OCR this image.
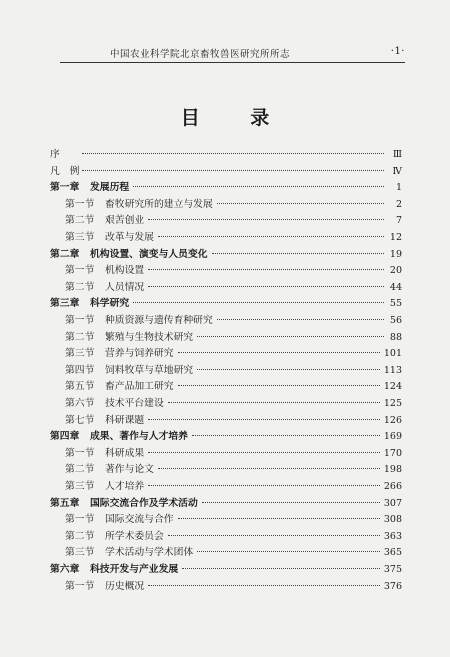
中国农业科学院北京畜牧兽医研究所所志	·1·
目 录
序	Ⅲ
凡　例	Ⅳ
第一章	发展历程	1
第一节	畜牧研究所的建立与发展	2
第二节	艰苦创业	7
第三节	改革与发展	12
第二章	机构设置、演变与人员变化	19
第一节	机构设置	20
第二节	人员情况	44
第三章	科学研究	55
第一节	种质资源与遗传育种研究	56
第二节	繁殖与生物技术研究	88
第三节	营养与饲养研究	101
第四节	饲料牧草与草地研究	113
第五节	畜产品加工研究	124
第六节	技术平台建设	125
第七节	科研课题	126
第四章	成果、著作与人才培养	169
第一节	科研成果	170
第二节	著作与论文	198
第三节	人才培养	266
第五章	国际交流合作及学术活动	307
第一节	国际交流与合作	308
第二节	所学术委员会	363
第三节	学术活动与学术团体	365
第六章	科技开发与产业发展	375
第一节	历史概况	376
